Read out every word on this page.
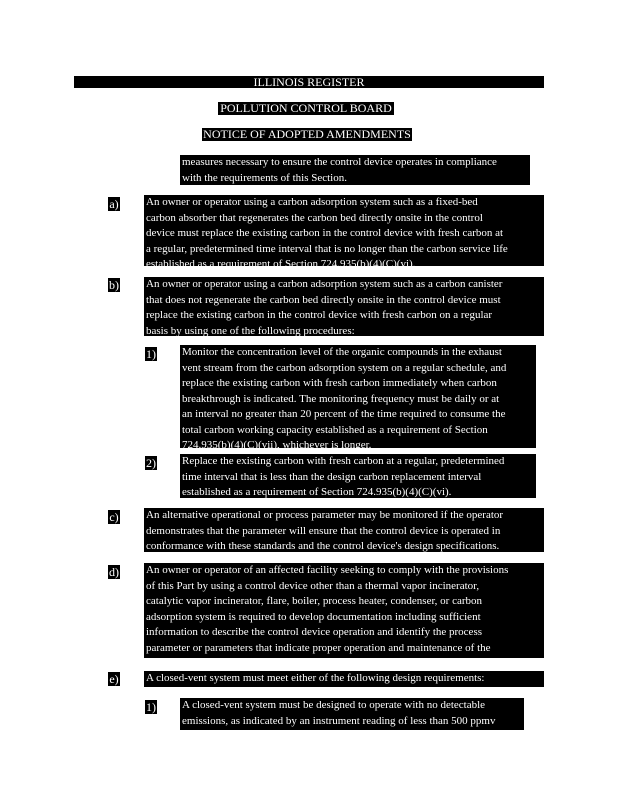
ILLINOIS REGISTER
POLLUTION CONTROL BOARD
NOTICE OF ADOPTED AMENDMENTS
measures necessary to ensure the control device operates in compliance
with the requirements of this Section.
a) An owner or operator using a carbon adsorption system such as a fixed-bed
carbon absorber that regenerates the carbon bed directly onsite in the control
device must replace the existing carbon in the control device with fresh carbon at
a regular, predetermined time interval that is no longer than the carbon service life
established as a requirement of Section 724.935(b)(4)(C)(vi).
b) An owner or operator using a carbon adsorption system such as a carbon canister
that does not regenerate the carbon bed directly onsite in the control device must
replace the existing carbon in the control device with fresh carbon on a regular
basis by using one of the following procedures:
1) Monitor the concentration level of the organic compounds in the exhaust
vent stream from the carbon adsorption system on a regular schedule, and
replace the existing carbon with fresh carbon immediately when carbon
breakthrough is indicated. The monitoring frequency must be daily or at
an interval no greater than 20 percent of the time required to consume the
total carbon working capacity established as a requirement of Section
724.935(b)(4)(C)(vii), whichever is longer.
2) Replace the existing carbon with fresh carbon at a regular, predetermined
time interval that is less than the design carbon replacement interval
established as a requirement of Section 724.935(b)(4)(C)(vi).
c) An alternative operational or process parameter may be monitored if the operator
demonstrates that the parameter will ensure that the control device is operated in
conformance with these standards and the control device's design specifications.
d) An owner or operator of an affected facility seeking to comply with the provisions
of this Part by using a control device other than a thermal vapor incinerator,
catalytic vapor incinerator, flare, boiler, process heater, condenser, or carbon
adsorption system is required to develop documentation including sufficient
information to describe the control device operation and identify the process
parameter or parameters that indicate proper operation and maintenance of the
control device.
e) A closed-vent system must meet either of the following design requirements:
1) A closed-vent system must be designed to operate with no detectable
emissions, as indicated by an instrument reading of less than 500 ppmv
